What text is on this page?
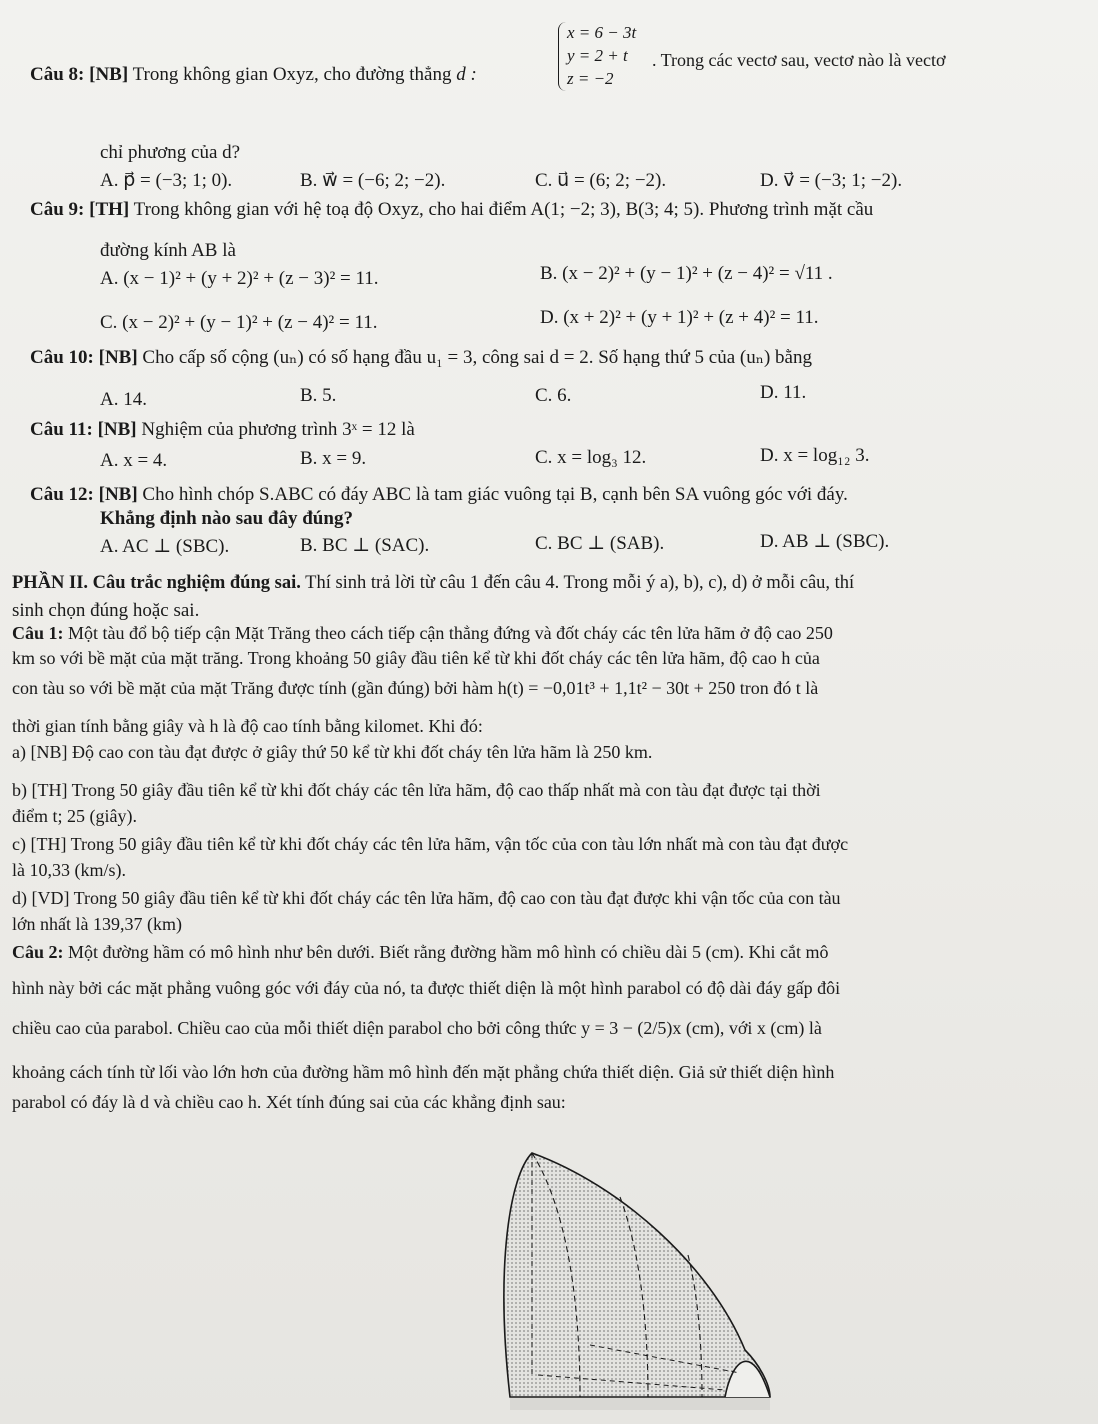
Câu 8: [NB] Trong không gian Oxyz, cho đường thẳng d :
x = 6 − 3t
y = 2 + t
z = −2
. Trong các vectơ sau, vectơ nào là vectơ
chỉ phương của d?
A. p⃗ = (−3; 1; 0).	B. w⃗ = (−6; 2; −2).	C. u⃗ = (6; 2; −2).	D. v⃗ = (−3; 1; −2).
Câu 9: [TH] Trong không gian với hệ toạ độ Oxyz, cho hai điểm A(1; −2; 3), B(3; 4; 5). Phương trình mặt cầu
đường kính AB là
A. (x − 1)² + (y + 2)² + (z − 3)² = 11.	B. (x − 2)² + (y − 1)² + (z − 4)² = √11 .
C. (x − 2)² + (y − 1)² + (z − 4)² = 11.	D. (x + 2)² + (y + 1)² + (z + 4)² = 11.
Câu 10: [NB] Cho cấp số cộng (uₙ) có số hạng đầu u₁ = 3, công sai d = 2. Số hạng thứ 5 của (uₙ) bằng
A. 14.	B. 5.	C. 6.	D. 11.
Câu 11: [NB] Nghiệm của phương trình 3ˣ = 12 là
A. x = 4.	B. x = 9.	C. x = log₃ 12.	D. x = log₁₂ 3.
Câu 12: [NB] Cho hình chóp S.ABC có đáy ABC là tam giác vuông tại B, cạnh bên SA vuông góc với đáy.
Khẳng định nào sau đây đúng?
A. AC ⊥ (SBC).	B. BC ⊥ (SAC).	C. BC ⊥ (SAB).	D. AB ⊥ (SBC).
PHẦN II. Câu trắc nghiệm đúng sai. Thí sinh trả lời từ câu 1 đến câu 4. Trong mỗi ý a), b), c), d) ở mỗi câu, thí
sinh chọn đúng hoặc sai.
Câu 1: Một tàu đổ bộ tiếp cận Mặt Trăng theo cách tiếp cận thẳng đứng và đốt cháy các tên lửa hãm ở độ cao 250
km so với bề mặt của mặt trăng. Trong khoảng 50 giây đầu tiên kể từ khi đốt cháy các tên lửa hãm, độ cao h của
con tàu so với bề mặt của mặt Trăng được tính (gần đúng) bởi hàm h(t) = −0,01t³ + 1,1t² − 30t + 250 tron đó t là
thời gian tính bằng giây và h là độ cao tính bằng kilomet. Khi đó:
a) [NB] Độ cao con tàu đạt được ở giây thứ 50 kể từ khi đốt cháy tên lửa hãm là 250 km.
b) [TH] Trong 50 giây đầu tiên kể từ khi đốt cháy các tên lửa hãm, độ cao thấp nhất mà con tàu đạt được tại thời
điểm t; 25 (giây).
c) [TH] Trong 50 giây đầu tiên kể từ khi đốt cháy các tên lửa hãm, vận tốc của con tàu lớn nhất mà con tàu đạt được
là 10,33 (km/s).
d) [VD] Trong 50 giây đầu tiên kể từ khi đốt cháy các tên lửa hãm, độ cao con tàu đạt được khi vận tốc của con tàu
lớn nhất là 139,37 (km)
Câu 2: Một đường hầm có mô hình như bên dưới. Biết rằng đường hầm mô hình có chiều dài 5 (cm). Khi cắt mô
hình này bởi các mặt phẳng vuông góc với đáy của nó, ta được thiết diện là một hình parabol có độ dài đáy gấp đôi
chiều cao của parabol. Chiều cao của mỗi thiết diện parabol cho bởi công thức y = 3 − (2/5)x (cm), với x (cm) là
khoảng cách tính từ lối vào lớn hơn của đường hầm mô hình đến mặt phẳng chứa thiết diện. Giả sử thiết diện hình
parabol có đáy là d và chiều cao h. Xét tính đúng sai của các khẳng định sau:
